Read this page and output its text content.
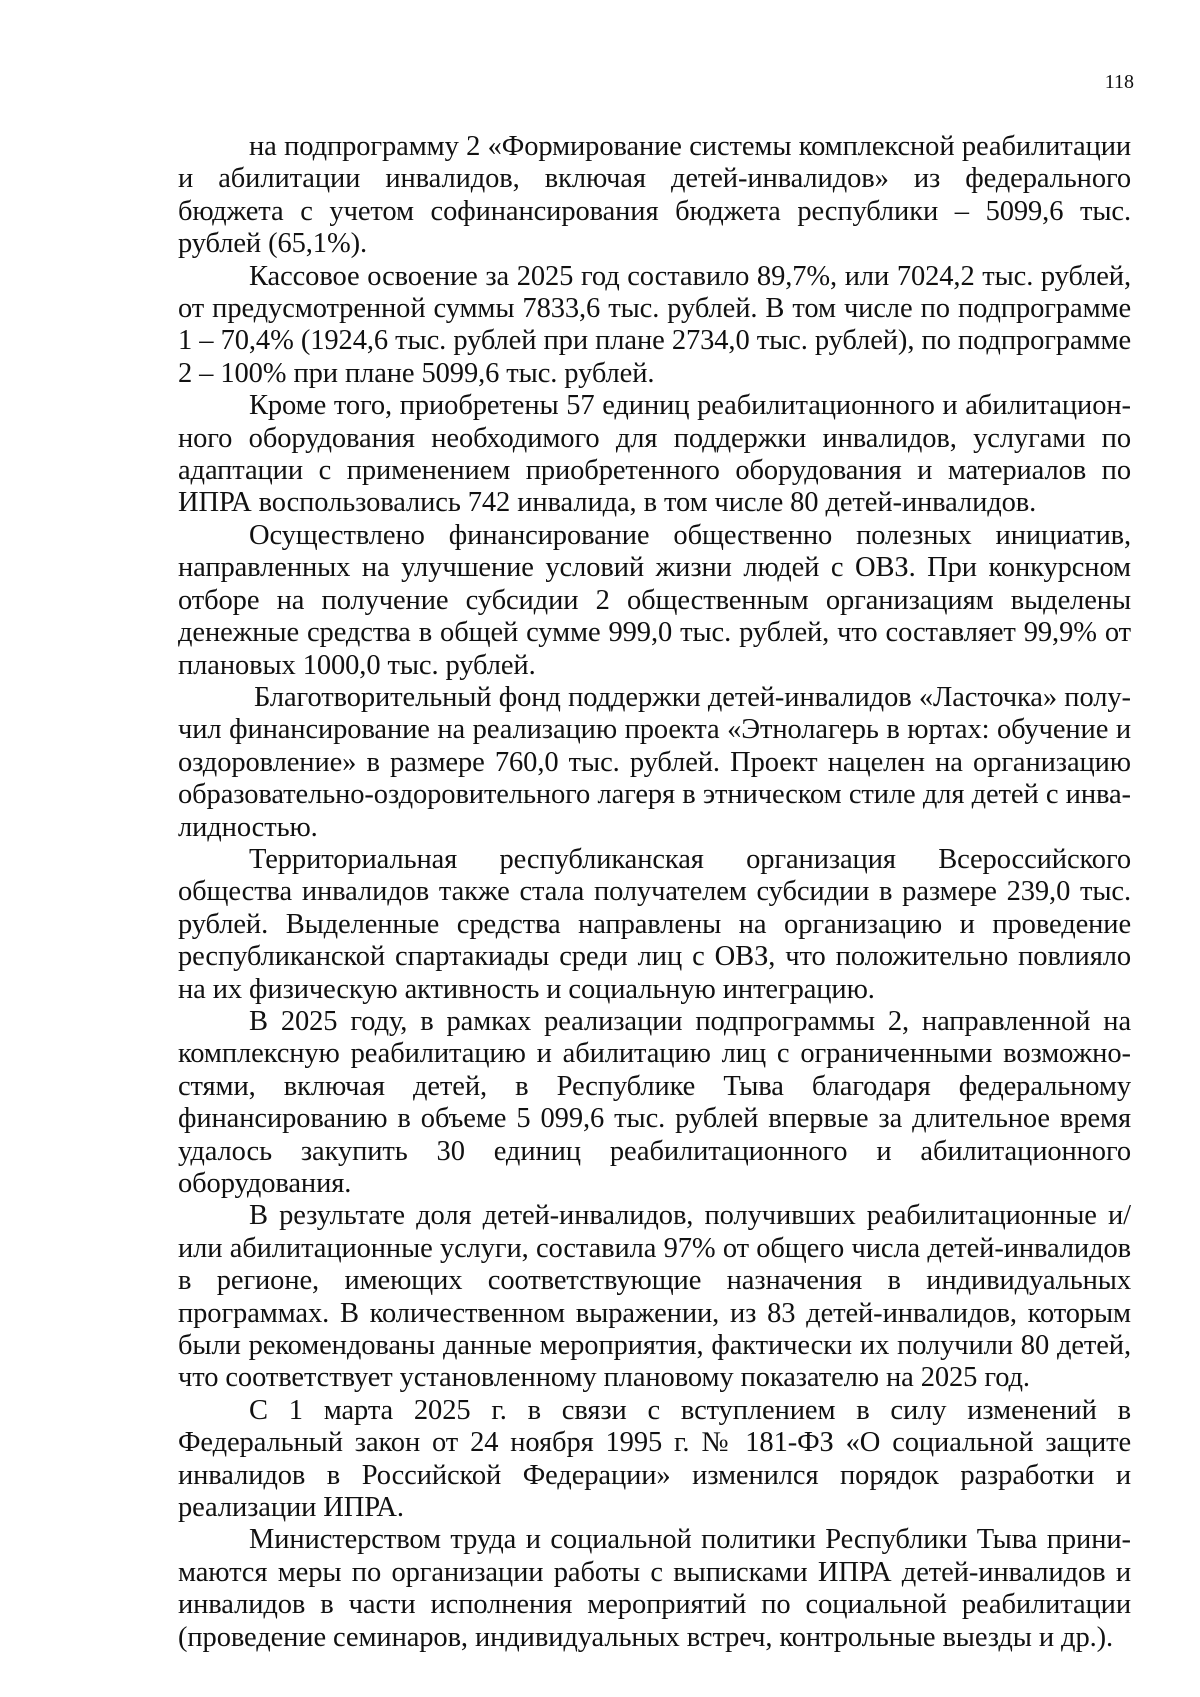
118

на подпрограмму 2 «Формирование системы комплексной реабилитации и абилитации инвалидов, включая детей-инвалидов» из федерального бюджета с учетом софинансирования бюджета республики – 5099,6 тыс. рублей (65,1%).

Кассовое освоение за 2025 год составило 89,7%, или 7024,2 тыс. рублей, от предусмотренной суммы 7833,6 тыс. рублей. В том числе по подпрограмме 1 – 70,4% (1924,6 тыс. рублей при плане 2734,0 тыс. рублей), по подпрограмме 2 – 100% при плане 5099,6 тыс. рублей.

Кроме того, приобретены 57 единиц реабилитационного и абилитационного оборудования необходимого для поддержки инвалидов, услугами по адаптации с применением приобретенного оборудования и материалов по ИПРА воспользовались 742 инвалида, в том числе 80 детей-инвалидов.

Осуществлено финансирование общественно полезных инициатив, направленных на улучшение условий жизни людей с ОВЗ. При конкурсном отборе на получение субсидии 2 общественным организациям выделены денежные средства в общей сумме 999,0 тыс. рублей, что составляет 99,9% от плановых 1000,0 тыс. рублей.

Благотворительный фонд поддержки детей-инвалидов «Ласточка» получил финансирование на реализацию проекта «Этнолагерь в юртах: обучение и оздоровление» в размере 760,0 тыс. рублей. Проект нацелен на организацию образовательно-оздоровительного лагеря в этническом стиле для детей с инвалидностью.

Территориальная республиканская организация Всероссийского общества инвалидов также стала получателем субсидии в размере 239,0 тыс. рублей. Выделенные средства направлены на организацию и проведение республиканской спартакиады среди лиц с ОВЗ, что положительно повлияло на их физическую активность и социальную интеграцию.

В 2025 году, в рамках реализации подпрограммы 2, направленной на комплексную реабилитацию и абилитацию лиц с ограниченными возможностями, включая детей, в Республике Тыва благодаря федеральному финансированию в объеме 5 099,6 тыс. рублей впервые за длительное время удалось закупить 30 единиц реабилитационного и абилитационного оборудования.

В результате доля детей-инвалидов, получивших реабилитационные и/или абилитационные услуги, составила 97% от общего числа детей-инвалидов в регионе, имеющих соответствующие назначения в индивидуальных программах. В количественном выражении, из 83 детей-инвалидов, которым были рекомендованы данные мероприятия, фактически их получили 80 детей, что соответствует установленному плановому показателю на 2025 год.

С 1 марта 2025 г. в связи с вступлением в силу изменений в Федеральный закон от 24 ноября 1995 г. № 181-ФЗ «О социальной защите инвалидов в Российской Федерации» изменился порядок разработки и реализации ИПРА.

Министерством труда и социальной политики Республики Тыва принимаются меры по организации работы с выписками ИПРА детей-инвалидов и инвалидов в части исполнения мероприятий по социальной реабилитации (проведение семинаров, индивидуальных встреч, контрольные выезды и др.).
